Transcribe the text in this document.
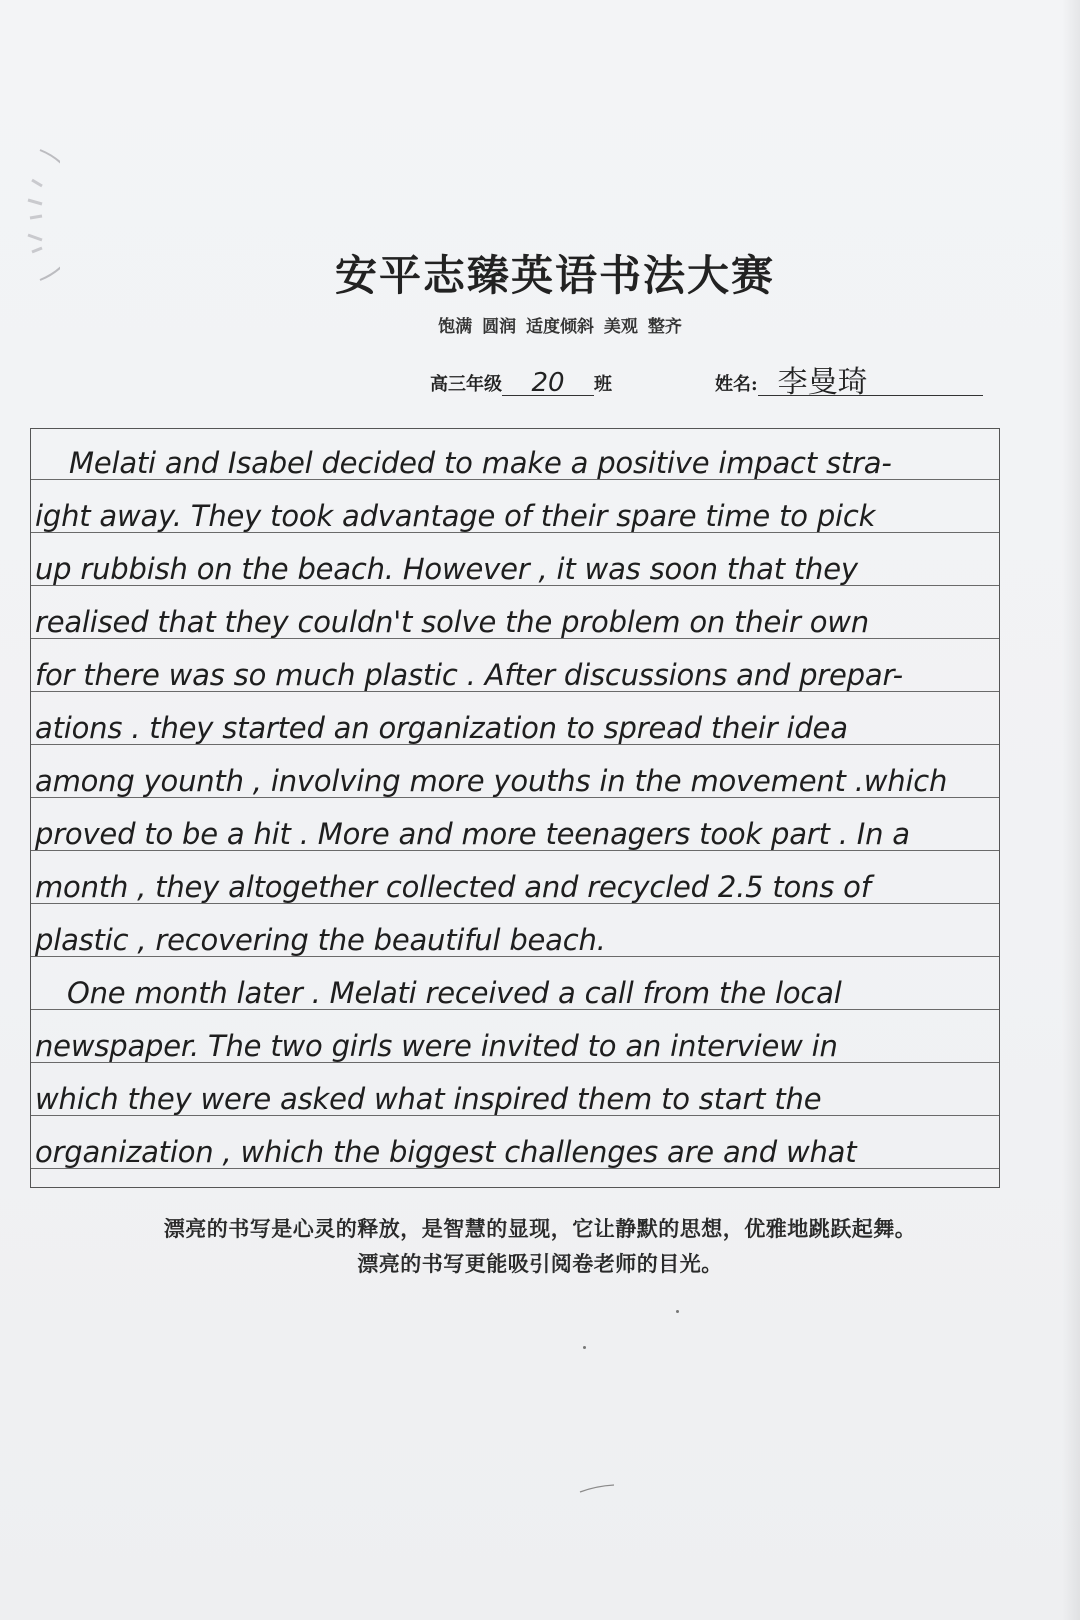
安平志臻英语书法大赛
饱满 圆润 适度倾斜 美观 整齐
高三年级 20 班	姓名: 李曼琦
Melati and Isabel decided to make a positive impact stra-
ight away. They took advantage of their spare time to pick
up rubbish on the beach. However , it was soon that they
realised that they couldn't solve the problem on their own
for there was so much plastic . After discussions and prepar-
ations . they started an organization to spread their idea
among younth , involving more youths in the movement .which
proved to be a hit . More and more teenagers took part . In a
month , they altogether collected and recycled 2.5 tons of
plastic , recovering the beautiful beach.
One month later . Melati received a call from the local
newspaper. The two girls were invited to an interview in
which they were asked what inspired them to start the
organization , which the biggest challenges are and what
漂亮的书写是心灵的释放，是智慧的显现，它让静默的思想，优雅地跳跃起舞。
漂亮的书写更能吸引阅卷老师的目光。
